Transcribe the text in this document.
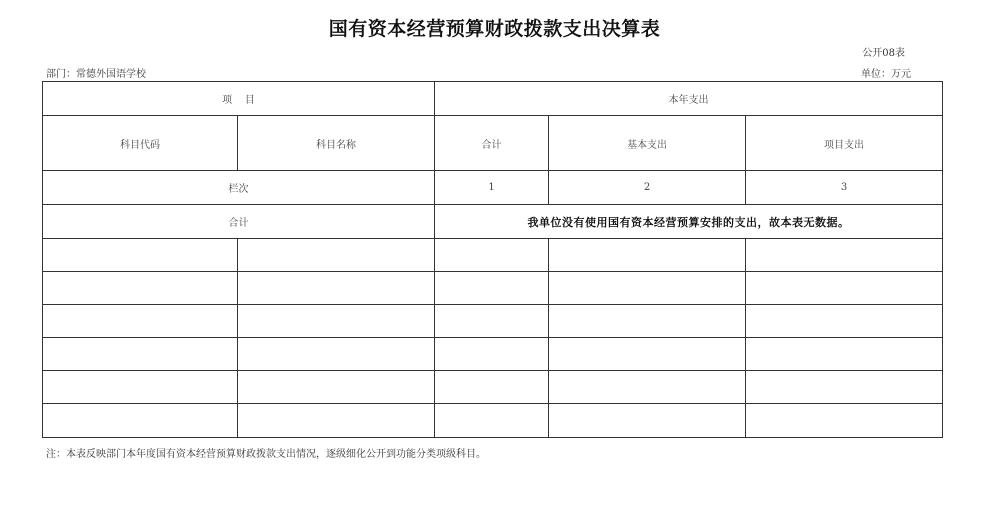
国有资本经营预算财政拨款支出决算表
公开08表
部门：常德外国语学校	单位：万元
项    目		本年支出		
科目代码	科目名称	合计	基本支出	项目支出
栏次		1	2	3
合计		我单位没有使用国有资本经营预算安排的支出，故本表无数据。		

注：本表反映部门本年度国有资本经营预算财政拨款支出情况，逐级细化公开到功能分类项级科目。
